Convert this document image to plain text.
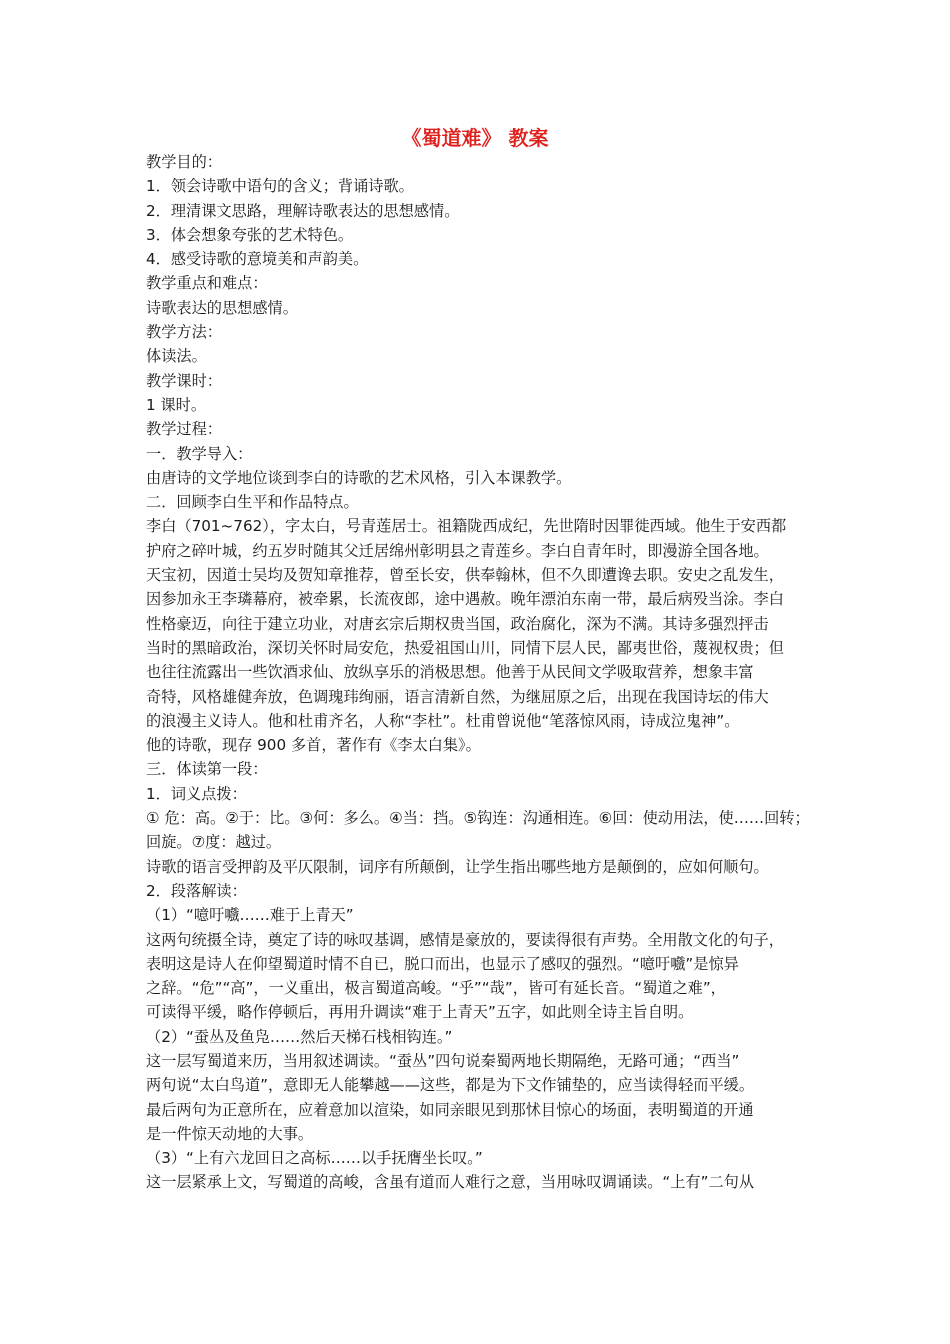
《蜀道难》 教案
教学目的：
1．领会诗歌中语句的含义；背诵诗歌。
2．理清课文思路，理解诗歌表达的思想感情。
3．体会想象夸张的艺术特色。
4．感受诗歌的意境美和声韵美。
教学重点和难点：
诗歌表达的思想感情。
教学方法：
体读法。
教学课时：
1 课时。
教学过程：
一．教学导入：
由唐诗的文学地位谈到李白的诗歌的艺术风格，引入本课教学。
二．回顾李白生平和作品特点。
李白（701~762），字太白，号青莲居士。祖籍陇西成纪，先世隋时因罪徙西域。他生于安西都
护府之碎叶城，约五岁时随其父迁居绵州彰明县之青莲乡。李白自青年时，即漫游全国各地。
天宝初，因道士吴均及贺知章推荐，曾至长安，供奉翰林，但不久即遭谗去职。安史之乱发生，
因参加永王李璘幕府，被牵累，长流夜郎，途中遇赦。晚年漂泊东南一带，最后病殁当涂。李白
性格豪迈，向往于建立功业，对唐玄宗后期权贵当国，政治腐化，深为不满。其诗多强烈抨击
当时的黑暗政治，深切关怀时局安危，热爱祖国山川，同情下层人民，鄙夷世俗，蔑视权贵；但
也往往流露出一些饮酒求仙、放纵享乐的消极思想。他善于从民间文学吸取营养，想象丰富
奇特，风格雄健奔放，色调瑰玮绚丽，语言清新自然，为继屈原之后，出现在我国诗坛的伟大
的浪漫主义诗人。他和杜甫齐名，人称“李杜”。杜甫曾说他“笔落惊风雨，诗成泣鬼神”。
他的诗歌，现存 900 多首，著作有《李太白集》。
三．体读第一段：
1．词义点拨：
① 危：高。②于：比。③何：多么。④当：挡。⑤钩连：沟通相连。⑥回：使动用法，使……回转；
回旋。⑦度：越过。
诗歌的语言受押韵及平仄限制，词序有所颠倒，让学生指出哪些地方是颠倒的，应如何顺句。
2．段落解读：
（1）“噫吁嚱……难于上青天”
这两句统摄全诗，奠定了诗的咏叹基调，感情是豪放的，要读得很有声势。全用散文化的句子，
表明这是诗人在仰望蜀道时情不自已，脱口而出，也显示了感叹的强烈。“噫吁嚱”是惊异
之辞。“危”“高”，一义重出，极言蜀道高峻。“乎”“哉”，皆可有延长音。“蜀道之难”，
可读得平缓，略作停顿后，再用升调读“难于上青天”五字，如此则全诗主旨自明。
（2）“蚕丛及鱼凫……然后天梯石栈相钩连。”
这一层写蜀道来历，当用叙述调读。“蚕丛”四句说秦蜀两地长期隔绝，无路可通；“西当”
两句说“太白鸟道”，意即无人能攀越——这些，都是为下文作铺垫的，应当读得轻而平缓。
最后两句为正意所在，应着意加以渲染，如同亲眼见到那怵目惊心的场面，表明蜀道的开通
是一件惊天动地的大事。
（3）“上有六龙回日之高标……以手抚膺坐长叹。”
这一层紧承上文，写蜀道的高峻，含虽有道而人难行之意，当用咏叹调诵读。“上有”二句从
